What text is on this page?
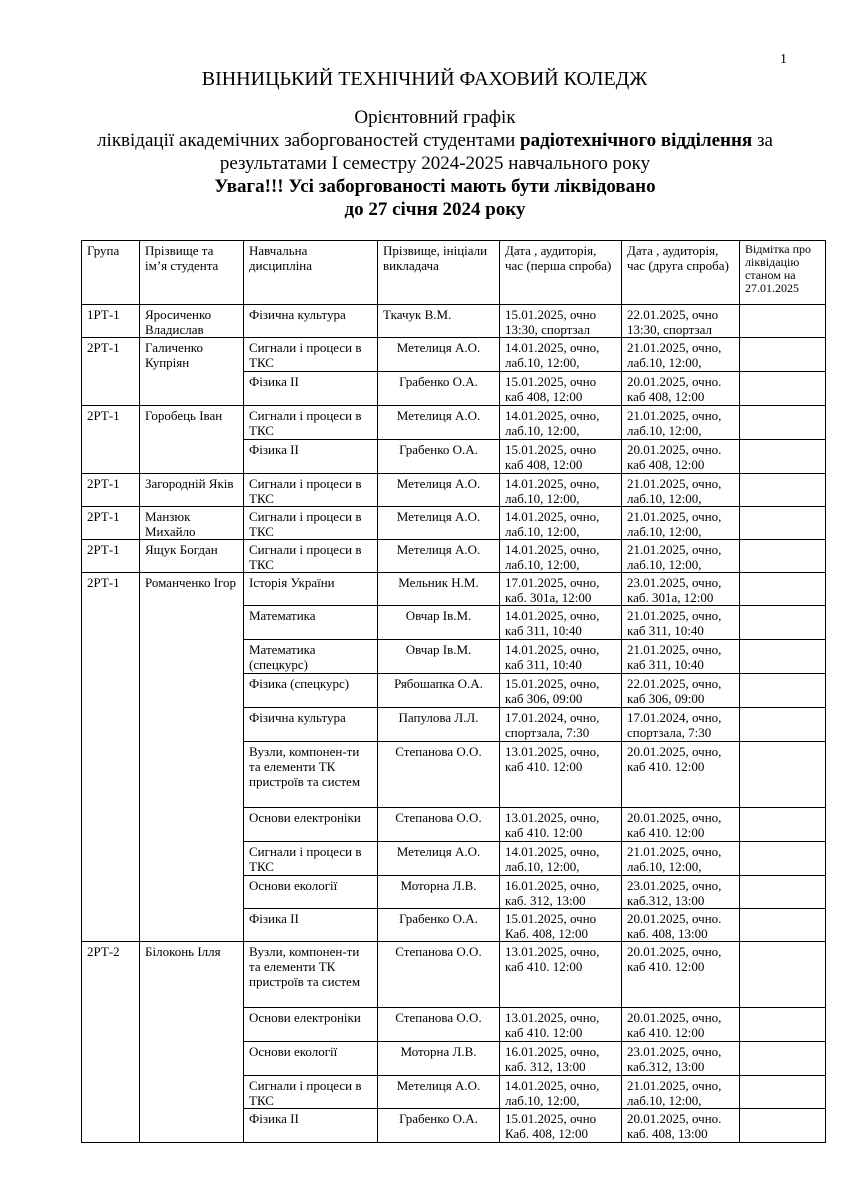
1
ВІННИЦЬКИЙ ТЕХНІЧНИЙ ФАХОВИЙ КОЛЕДЖ
Орієнтовний графік
ліквідації академічних заборгованостей студентами радіотехнічного відділення за
результатами І семестру 2024-2025 навчального року
Увага!!! Усі заборгованості мають бути ліквідовано
до 27 січня 2024 року
Група	Прізвище та ім’я студента	Навчальна дисципліна	Прізвище, ініціали викладача	Дата , аудиторія, час (перша спроба)	Дата , аудиторія, час (друга спроба)	Відмітка про ліквідацію станом на 27.01.2025
1РТ-1	Яросиченко Владислав	Фізична культура	Ткачук В.М.	15.01.2025, очно 13:30, спортзал	22.01.2025, очно 13:30, спортзал	
2РТ-1	Галиченко Купріян	Сигнали і процеси в ТКС	Метелиця А.О.	14.01.2025, очно, лаб.10, 12:00,	21.01.2025, очно, лаб.10, 12:00,	
		Фізика ІІ	Грабенко О.А.	15.01.2025, очно каб 408, 12:00	20.01.2025, очно. каб 408, 12:00	
2РТ-1	Горобець Іван	Сигнали і процеси в ТКС	Метелиця А.О.	14.01.2025, очно, лаб.10, 12:00,	21.01.2025, очно, лаб.10, 12:00,	
		Фізика ІІ	Грабенко О.А.	15.01.2025, очно каб 408, 12:00	20.01.2025, очно. каб 408, 12:00	
2РТ-1	Загородній Яків	Сигнали і процеси в ТКС	Метелиця А.О.	14.01.2025, очно, лаб.10, 12:00,	21.01.2025, очно, лаб.10, 12:00,	
2РТ-1	Манзюк Михайло	Сигнали і процеси в ТКС	Метелиця А.О.	14.01.2025, очно, лаб.10, 12:00,	21.01.2025, очно, лаб.10, 12:00,	
2РТ-1	Ящук Богдан	Сигнали і процеси в ТКС	Метелиця А.О.	14.01.2025, очно, лаб.10, 12:00,	21.01.2025, очно, лаб.10, 12:00,	
2РТ-1	Романченко Ігор	Історія України	Мельник Н.М.	17.01.2025, очно, каб. 301а, 12:00	23.01.2025, очно, каб. 301а, 12:00	
		Математика	Овчар Ів.М.	14.01.2025, очно, каб 311, 10:40	21.01.2025, очно, каб 311, 10:40	
		Математика (спецкурс)	Овчар Ів.М.	14.01.2025, очно, каб 311, 10:40	21.01.2025, очно, каб 311, 10:40	
		Фізика (спецкурс)	Рябошапка О.А.	15.01.2025, очно, каб 306, 09:00	22.01.2025, очно, каб 306, 09:00	
		Фізична культура	Папулова Л.Л.	17.01.2024, очно, спортзала, 7:30	17.01.2024, очно, спортзала, 7:30	
		Вузли, компонен-ти та елементи ТК пристроїв та систем	Степанова О.О.	13.01.2025, очно, каб 410. 12:00	20.01.2025, очно, каб 410. 12:00	
		Основи електроніки	Степанова О.О.	13.01.2025, очно, каб 410. 12:00	20.01.2025, очно, каб 410. 12:00	
		Сигнали і процеси в ТКС	Метелиця А.О.	14.01.2025, очно, лаб.10, 12:00,	21.01.2025, очно, лаб.10, 12:00,	
		Основи екології	Моторна Л.В.	16.01.2025, очно, каб. 312, 13:00	23.01.2025, очно, каб.312, 13:00	
		Фізика ІІ	Грабенко О.А.	15.01.2025, очно Каб. 408, 12:00	20.01.2025, очно. каб. 408, 13:00	
2РТ-2	Білоконь Ілля	Вузли, компонен-ти та елементи ТК пристроїв та систем	Степанова О.О.	13.01.2025, очно, каб 410. 12:00	20.01.2025, очно, каб 410. 12:00	
		Основи електроніки	Степанова О.О.	13.01.2025, очно, каб 410. 12:00	20.01.2025, очно, каб 410. 12:00	
		Основи екології	Моторна Л.В.	16.01.2025, очно, каб. 312, 13:00	23.01.2025, очно, каб.312, 13:00	
		Сигнали і процеси в ТКС	Метелиця А.О.	14.01.2025, очно, лаб.10, 12:00,	21.01.2025, очно, лаб.10, 12:00,	
		Фізика ІІ	Грабенко О.А.	15.01.2025, очно Каб. 408, 12:00	20.01.2025, очно. каб. 408, 13:00	
